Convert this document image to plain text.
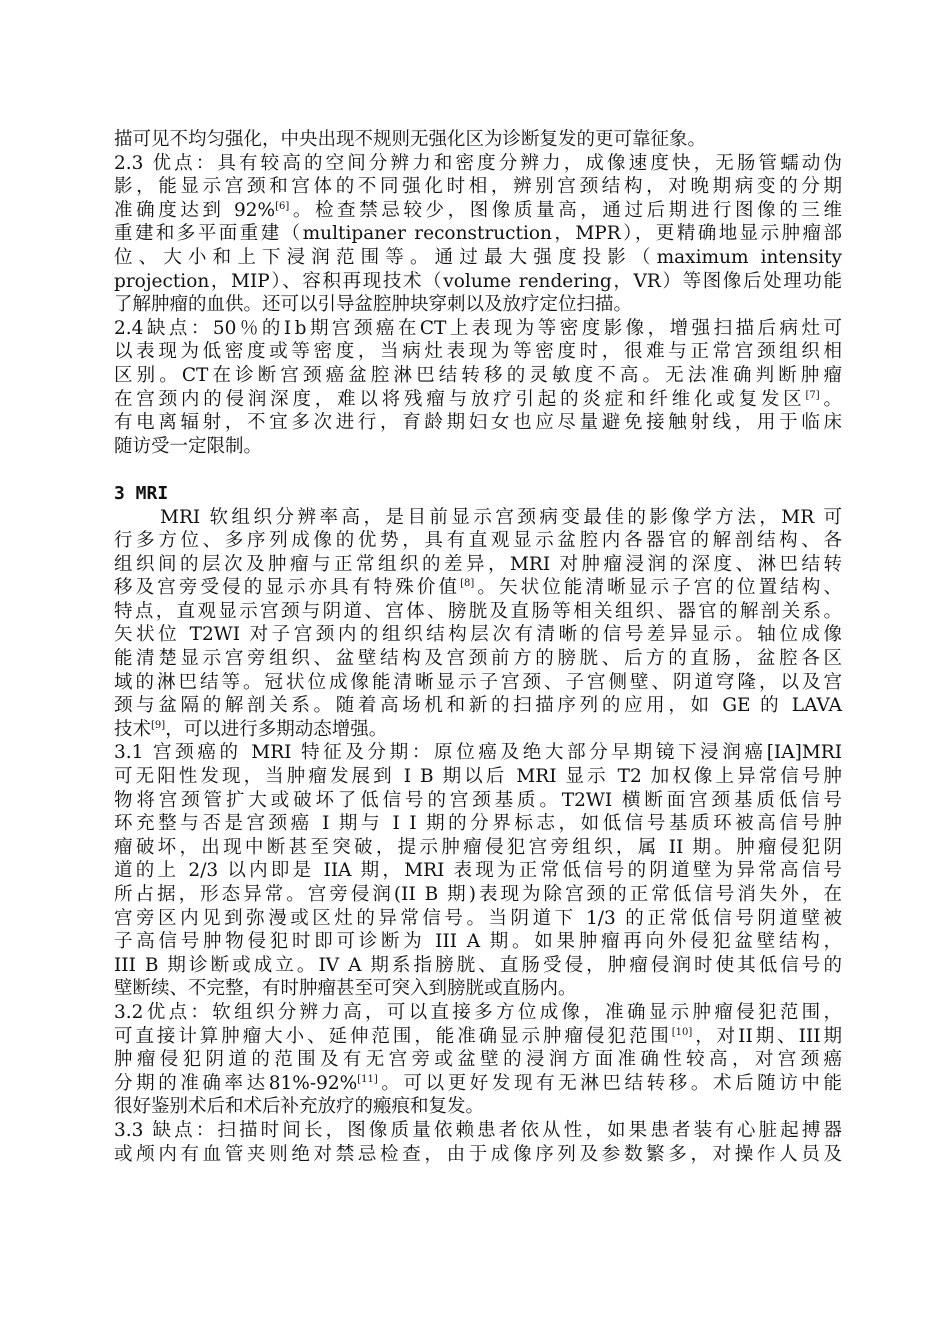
描可见不均匀强化，中央出现不规则无强化区为诊断复发的更可靠征象。
2.3 优点：具有较高的空间分辨力和密度分辨力，成像速度快，无肠管蠕动伪
影，能显示宫颈和宫体的不同强化时相，辨别宫颈结构，对晚期病变的分期
准确度达到 92%[6]。检查禁忌较少，图像质量高，通过后期进行图像的三维
重建和多平面重建（multipaner reconstruction，MPR），更精确地显示肿瘤部
位、大小和上下浸润范围等。通过最大强度投影（maximum intensity
projection，MIP）、容积再现技术（volume rendering，VR）等图像后处理功能
了解肿瘤的血供。还可以引导盆腔肿块穿刺以及放疗定位扫描。
2.4缺点：50％的Ⅰb期宫颈癌在CT上表现为等密度影像，增强扫描后病灶可
以表现为低密度或等密度，当病灶表现为等密度时，很难与正常宫颈组织相
区别。CT在诊断宫颈癌盆腔淋巴结转移的灵敏度不高。无法准确判断肿瘤
在宫颈内的侵润深度，难以将残瘤与放疗引起的炎症和纤维化或复发区[7]。
有电离辐射，不宜多次进行，育龄期妇女也应尽量避免接触射线，用于临床
随访受一定限制。
3 MRI
MRI 软组织分辨率高，是目前显示宫颈病变最佳的影像学方法，MR 可
行多方位、多序列成像的优势，具有直观显示盆腔内各器官的解剖结构、各
组织间的层次及肿瘤与正常组织的差异，MRI 对肿瘤浸润的深度、淋巴结转
移及宫旁受侵的显示亦具有特殊价值[8]。矢状位能清晰显示子宫的位置结构、
特点，直观显示宫颈与阴道、宫体、膀胱及直肠等相关组织、器官的解剖关系。
矢状位 T2WI 对子宫颈内的组织结构层次有清晰的信号差异显示。轴位成像
能清楚显示宫旁组织、盆壁结构及宫颈前方的膀胱、后方的直肠，盆腔各区
域的淋巴结等。冠状位成像能清晰显示子宫颈、子宫侧壁、阴道穹隆，以及宫
颈与盆隔的解剖关系。随着高场机和新的扫描序列的应用，如 GE 的 LAVA
技术[9]，可以进行多期动态增强。
3.1 宫颈癌的 MRI 特征及分期：原位癌及绝大部分早期镜下浸润癌[IA]MRI
可无阳性发现，当肿瘤发展到 I B 期以后 MRI 显示 T2 加权像上异常信号肿
物将宫颈管扩大或破坏了低信号的宫颈基质。T2WI 横断面宫颈基质低信号
环充整与否是宫颈癌 I 期与 I I 期的分界标志，如低信号基质环被高信号肿
瘤破坏，出现中断甚至突破，提示肿瘤侵犯宫旁组织，属 II 期。肿瘤侵犯阴
道的上 2/3 以内即是 IIA 期，MRI 表现为正常低信号的阴道壁为异常高信号
所占据，形态异常。宫旁侵润(II B 期)表现为除宫颈的正常低信号消失外，在
宫旁区内见到弥漫或区灶的异常信号。当阴道下 1/3 的正常低信号阴道壁被
子高信号肿物侵犯时即可诊断为 III A 期。如果肿瘤再向外侵犯盆壁结构，
III B 期诊断或成立。IV A 期系指膀胱、直肠受侵，肿瘤侵润时使其低信号的
壁断续、不完整，有时肿瘤甚至可突入到膀胱或直肠内。
3.2优点：软组织分辨力高，可以直接多方位成像，准确显示肿瘤侵犯范围，
可直接计算肿瘤大小、延伸范围，能准确显示肿瘤侵犯范围[10]，对II期、III期
肿瘤侵犯阴道的范围及有无宫旁或盆壁的浸润方面准确性较高，对宫颈癌
分期的准确率达81%-92%[11]。可以更好发现有无淋巴结转移。术后随访中能
很好鉴别术后和术后补充放疗的瘢痕和复发。
3.3 缺点：扫描时间长，图像质量依赖患者依从性，如果患者装有心脏起搏器
或颅内有血管夹则绝对禁忌检查，由于成像序列及参数繁多，对操作人员及
